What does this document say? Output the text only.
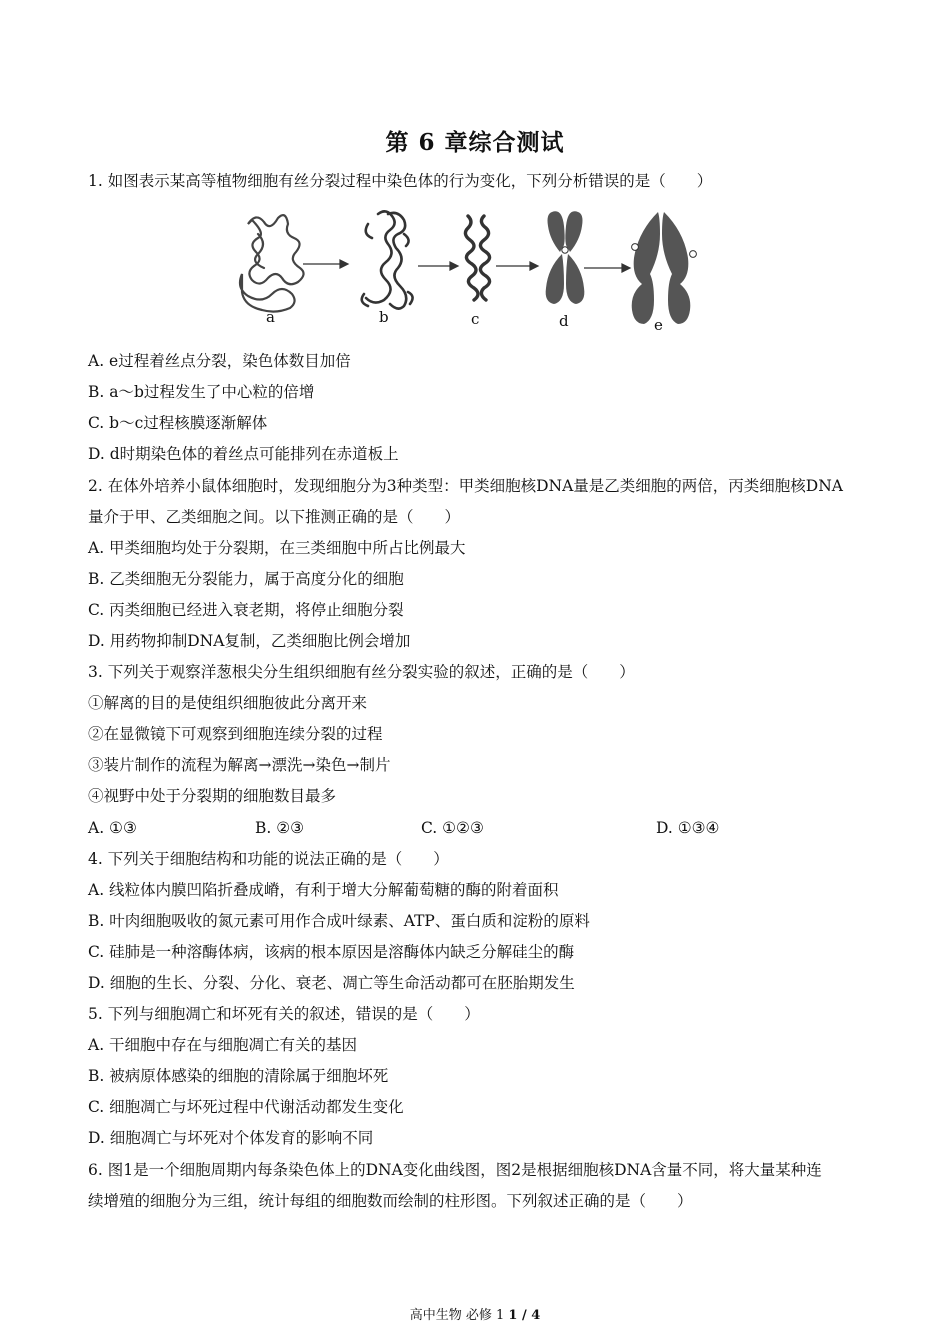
第 6 章综合测试
1. 如图表示某高等植物细胞有丝分裂过程中染色体的行为变化，下列分析错误的是（　　）
a	b	c	d	e
A. e过程着丝点分裂，染色体数目加倍
B. a～b过程发生了中心粒的倍增
C. b～c过程核膜逐渐解体
D. d时期染色体的着丝点可能排列在赤道板上
2. 在体外培养小鼠体细胞时，发现细胞分为3种类型：甲类细胞核DNA量是乙类细胞的两倍，丙类细胞核DNA
量介于甲、乙类细胞之间。以下推测正确的是（　　）
A. 甲类细胞均处于分裂期，在三类细胞中所占比例最大
B. 乙类细胞无分裂能力，属于高度分化的细胞
C. 丙类细胞已经进入衰老期，将停止细胞分裂
D. 用药物抑制DNA复制，乙类细胞比例会增加
3. 下列关于观察洋葱根尖分生组织细胞有丝分裂实验的叙述，正确的是（　　）
①解离的目的是使组织细胞彼此分离开来
②在显微镜下可观察到细胞连续分裂的过程
③装片制作的流程为解离→漂洗→染色→制片
④视野中处于分裂期的细胞数目最多
A. ①③	B. ②③	C. ①②③	D. ①③④
4. 下列关于细胞结构和功能的说法正确的是（　　）
A. 线粒体内膜凹陷折叠成嵴，有利于增大分解葡萄糖的酶的附着面积
B. 叶肉细胞吸收的氮元素可用作合成叶绿素、ATP、蛋白质和淀粉的原料
C. 硅肺是一种溶酶体病，该病的根本原因是溶酶体内缺乏分解硅尘的酶
D. 细胞的生长、分裂、分化、衰老、凋亡等生命活动都可在胚胎期发生
5. 下列与细胞凋亡和坏死有关的叙述，错误的是（　　）
A. 干细胞中存在与细胞凋亡有关的基因
B. 被病原体感染的细胞的清除属于细胞坏死
C. 细胞凋亡与坏死过程中代谢活动都发生变化
D. 细胞凋亡与坏死对个体发育的影响不同
6. 图1是一个细胞周期内每条染色体上的DNA变化曲线图，图2是根据细胞核DNA含量不同，将大量某种连
续增殖的细胞分为三组，统计每组的细胞数而绘制的柱形图。下列叙述正确的是（　　）
高中生物 必修 1 1 / 4
